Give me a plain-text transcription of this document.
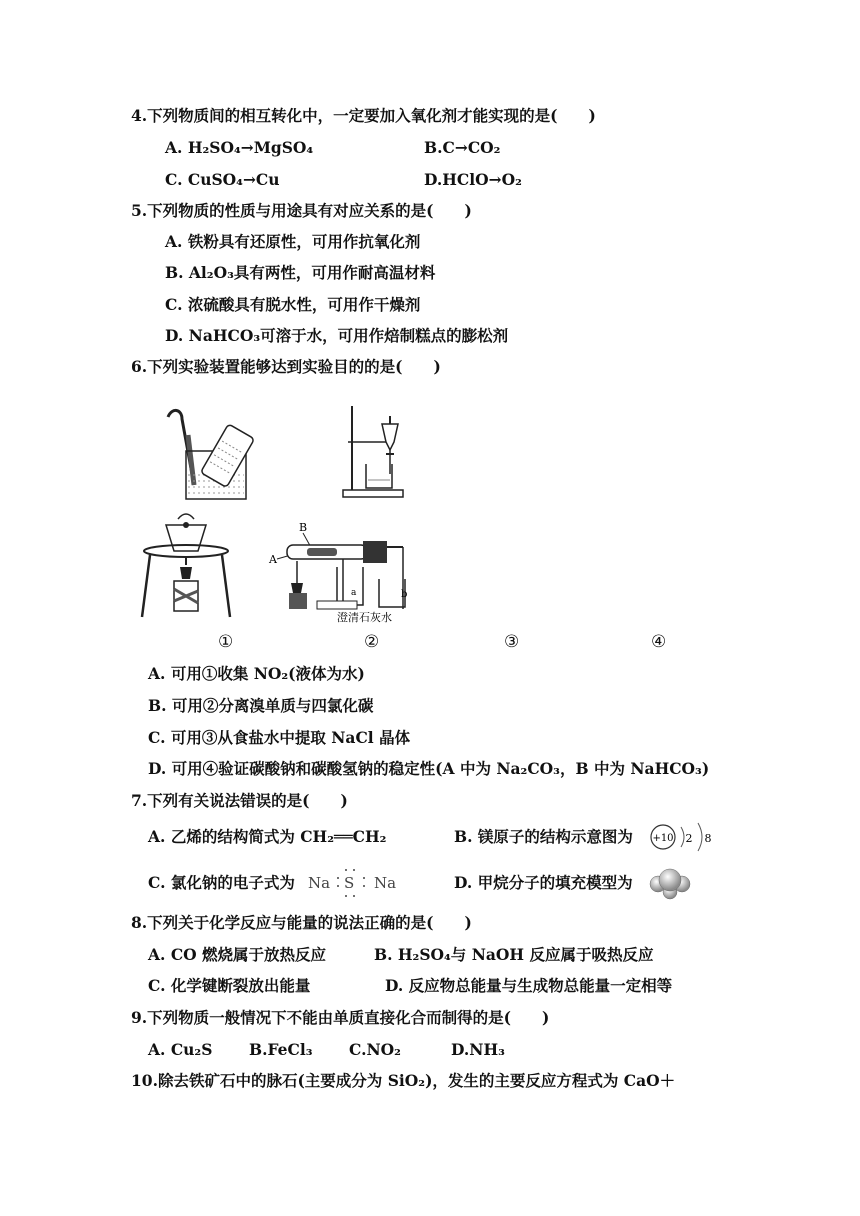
4.下列物质间的相互转化中，一定要加入氧化剂才能实现的是(　　)
A. H₂SO₄→MgSO₄	B.C→CO₂
C. CuSO₄→Cu	D.HClO→O₂
5.下列物质的性质与用途具有对应关系的是(　　)
A. 铁粉具有还原性，可用作抗氧化剂
B. Al₂O₃具有两性，可用作耐高温材料
C. 浓硫酸具有脱水性，可用作干燥剂
D. NaHCO₃可溶于水，可用作焙制糕点的膨松剂
6.下列实验装置能够达到实验目的的是(　　)
B
A
a	b
澄清石灰水
①	②	③	④
A. 可用①收集 NO₂(液体为水)
B. 可用②分离溴单质与四氯化碳
C. 可用③从食盐水中提取 NaCl 晶体
D. 可用④验证碳酸钠和碳酸氢钠的稳定性(A 中为 Na₂CO₃，B 中为 NaHCO₃)
7.下列有关说法错误的是(　　)
A. 乙烯的结构简式为 CH₂══CH₂	B. 镁原子的结构示意图为 +10 2 8
C. 氯化钠的电子式为 Na S Na	D. 甲烷分子的填充模型为
8.下列关于化学反应与能量的说法正确的是(　　)
A. CO 燃烧属于放热反应	B. H₂SO₄与 NaOH 反应属于吸热反应
C. 化学键断裂放出能量	D. 反应物总能量与生成物总能量一定相等
9.下列物质一般情况下不能由单质直接化合而制得的是(　　)
A. Cu₂S B.FeCl₃ C.NO₂	D.NH₃
10.除去铁矿石中的脉石(主要成分为 SiO₂)，发生的主要反应方程式为 CaO＋
